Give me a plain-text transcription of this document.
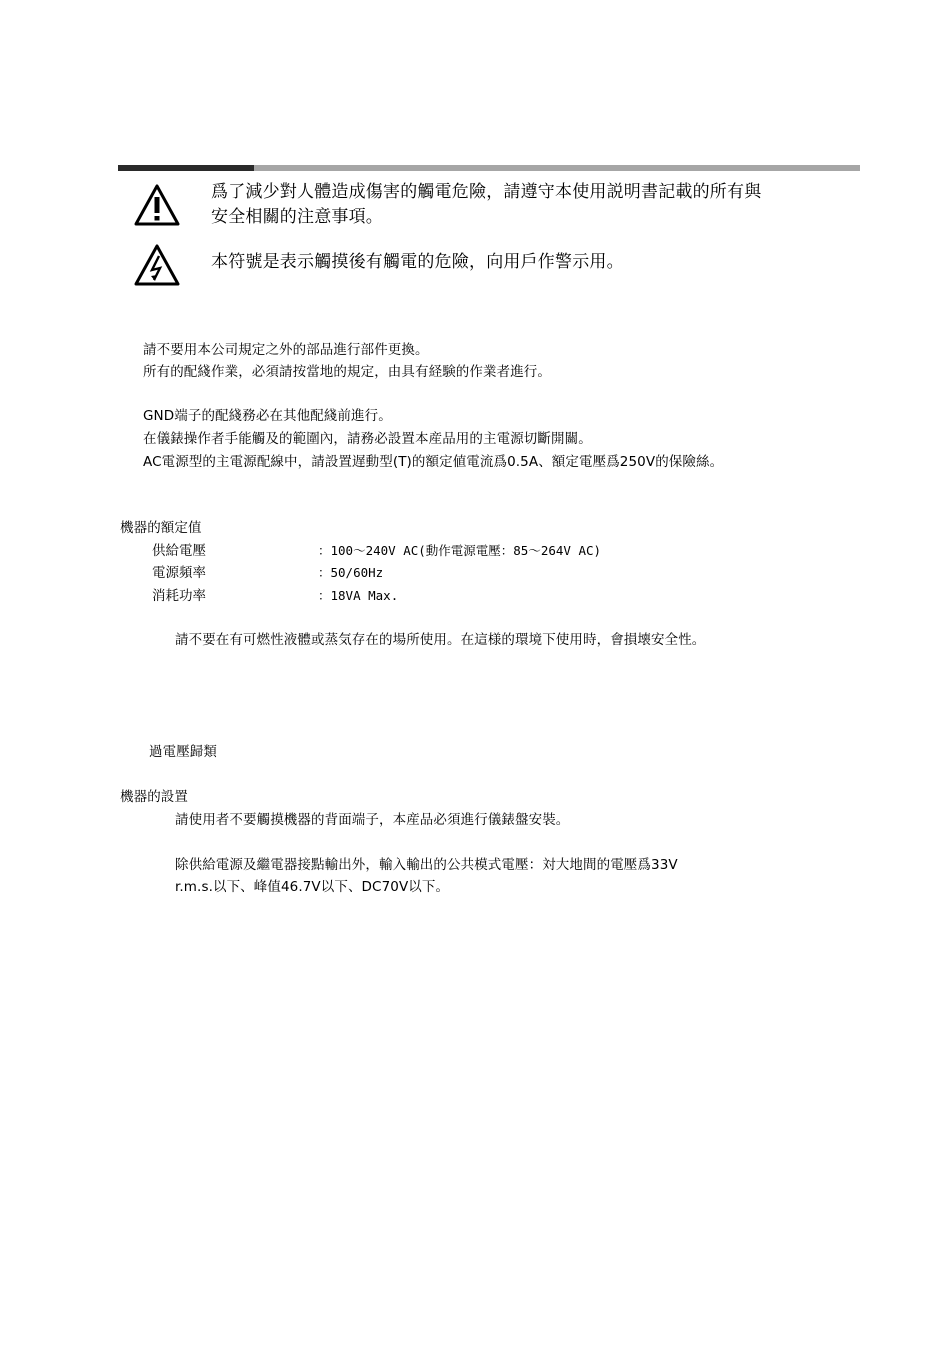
爲了減少對人體造成傷害的觸電危險，請遵守本使用説明書記載的所有與
安全相關的注意事項。
本符號是表示觸摸後有觸電的危險，向用戶作警示用。
請不要用本公司規定之外的部品進行部件更換。
所有的配綫作業，必須請按當地的規定，由具有経験的作業者進行。
GND端子的配綫務必在其他配綫前進行。
在儀錶操作者手能觸及的範圍內，請務必設置本産品用的主電源切斷開關。
AC電源型的主電源配線中，請設置遅動型(T)的額定値電流爲0.5A、額定電壓爲250V的保險絲。
機器的額定值
供給電壓	：100～240V AC(動作電源電壓：85～264V AC)
電源頻率	：50/60Hz
消耗功率	：18VA Max.
請不要在有可燃性液體或蒸気存在的場所使用。在這様的環境下使用時，會損壊安全性。
過電壓歸類
機器的設置
請使用者不要觸摸機器的背面端子，本産品必須進行儀錶盤安裝。
除供給電源及繼電器接點輸出外，輸入輸出的公共模式電壓：対大地間的電壓爲33V
r.m.s.以下、峰值46.7V以下、DC70V以下。
